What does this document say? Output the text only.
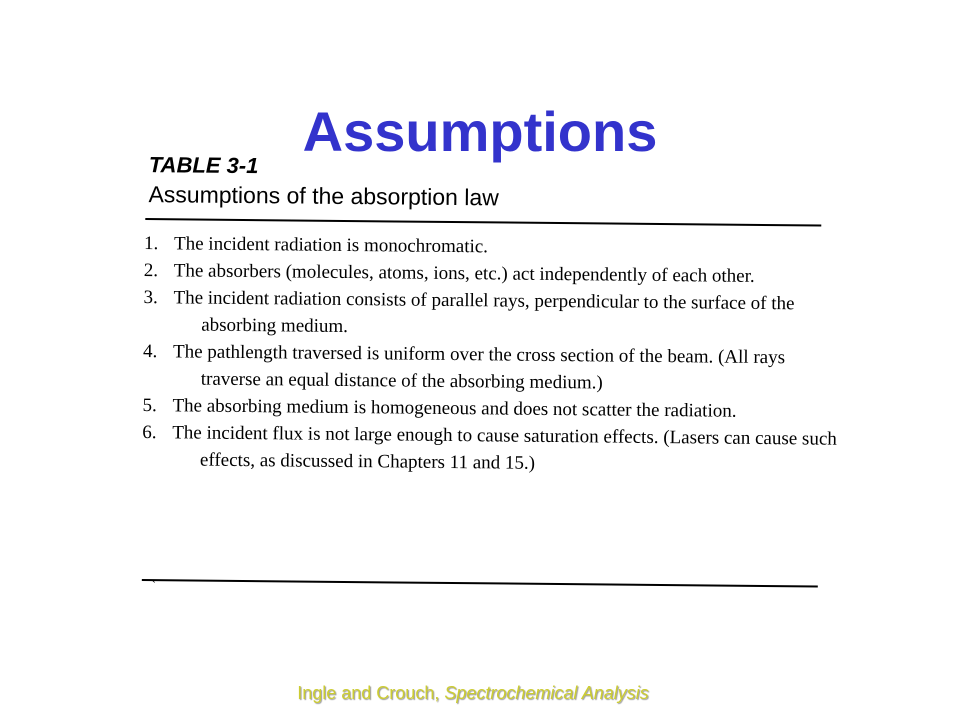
Assumptions
TABLE 3-1
Assumptions of the absorption law
1. The incident radiation is monochromatic.
2. The absorbers (molecules, atoms, ions, etc.) act independently of each other.
3. The incident radiation consists of parallel rays, perpendicular to the surface of the absorbing medium.
4. The pathlength traversed is uniform over the cross section of the beam. (All rays traverse an equal distance of the absorbing medium.)
5. The absorbing medium is homogeneous and does not scatter the radiation.
6. The incident flux is not large enough to cause saturation effects. (Lasers can cause such effects, as discussed in Chapters 11 and 15.)
ˏ
Ingle and Crouch, Spectrochemical Analysis
